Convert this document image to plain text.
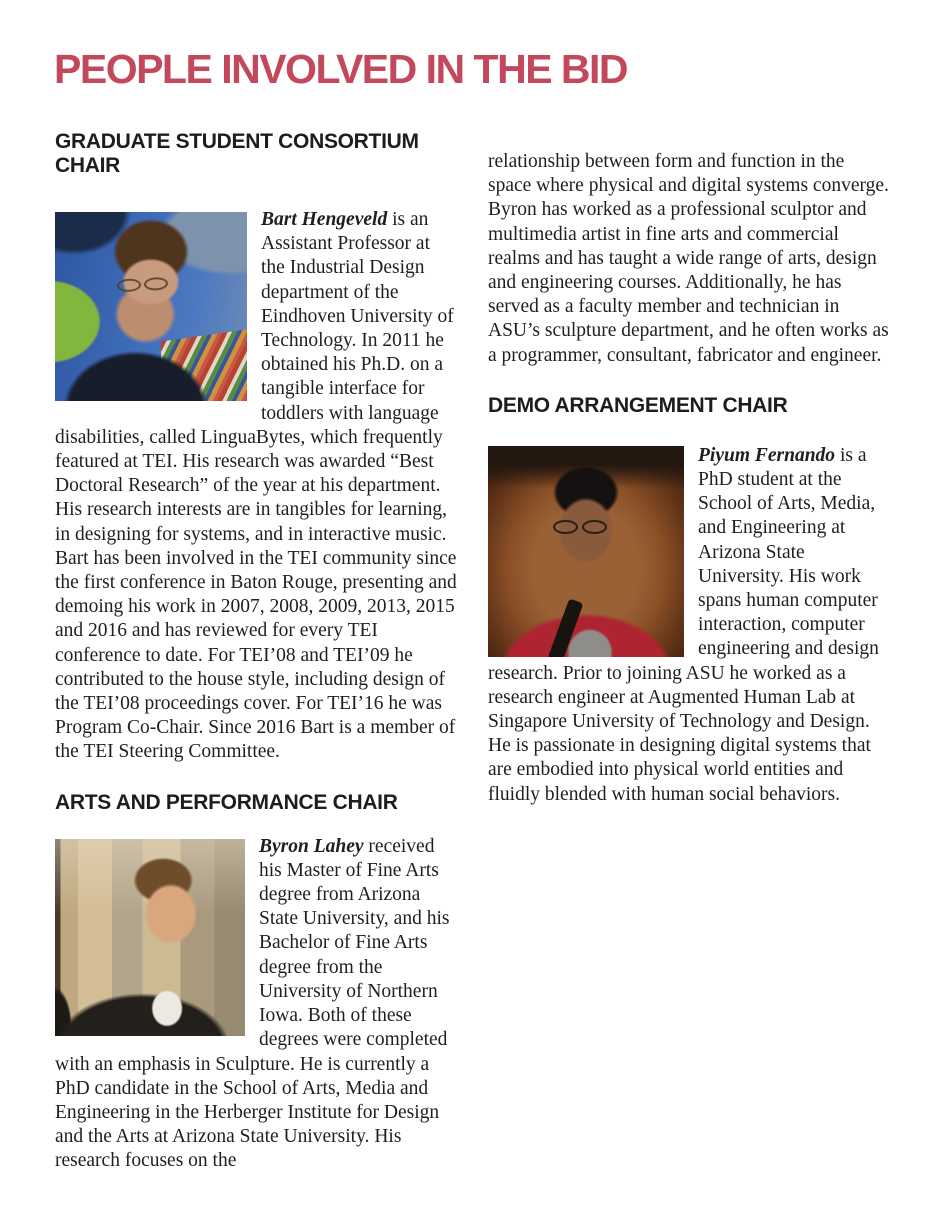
PEOPLE INVOLVED IN THE BID
GRADUATE STUDENT CONSORTIUM CHAIR

Bart Hengeveld is an Assistant Professor at the Industrial Design department of the Eindhoven University of Technology. In 2011 he obtained his Ph.D. on a tangible interface for toddlers with language disabilities, called LinguaBytes, which frequently featured at TEI. His research was awarded “Best Doctoral Research” of the year at his department. His research interests are in tangibles for learning, in designing for systems, and in interactive music. Bart has been involved in the TEI community since the first conference in Baton Rouge, presenting and demoing his work in 2007, 2008, 2009, 2013, 2015 and 2016 and has reviewed for every TEI conference to date. For TEI’08 and TEI’09 he contributed to the house style, including design of the TEI’08 proceedings cover. For TEI’16 he was Program Co-Chair. Since 2016 Bart is a member of the TEI Steering Committee.

ARTS AND PERFORMANCE CHAIR

Byron Lahey received his Master of Fine Arts degree from Arizona State University, and his Bachelor of Fine Arts degree from the University of Northern Iowa. Both of these degrees were completed with an emphasis in Sculpture. He is currently a PhD candidate in the School of Arts, Media and Engineering in the Herberger Institute for Design and the Arts at Arizona State University. His research focuses on the

relationship between form and function in the space where physical and digital systems converge. Byron has worked as a professional sculptor and multimedia artist in fine arts and commercial realms and has taught a wide range of arts, design and engineering courses. Additionally, he has served as a faculty member and technician in ASU’s sculpture department, and he often works as a programmer, consultant, fabricator and engineer.

DEMO ARRANGEMENT CHAIR

Piyum Fernando is a PhD student at the School of Arts, Media, and Engineering at Arizona State University. His work spans human computer interaction, computer engineering and design research. Prior to joining ASU he worked as a research engineer at Augmented Human Lab at Singapore University of Technology and Design. He is passionate in designing digital systems that are embodied into physical world entities and fluidly blended with human social behaviors.
